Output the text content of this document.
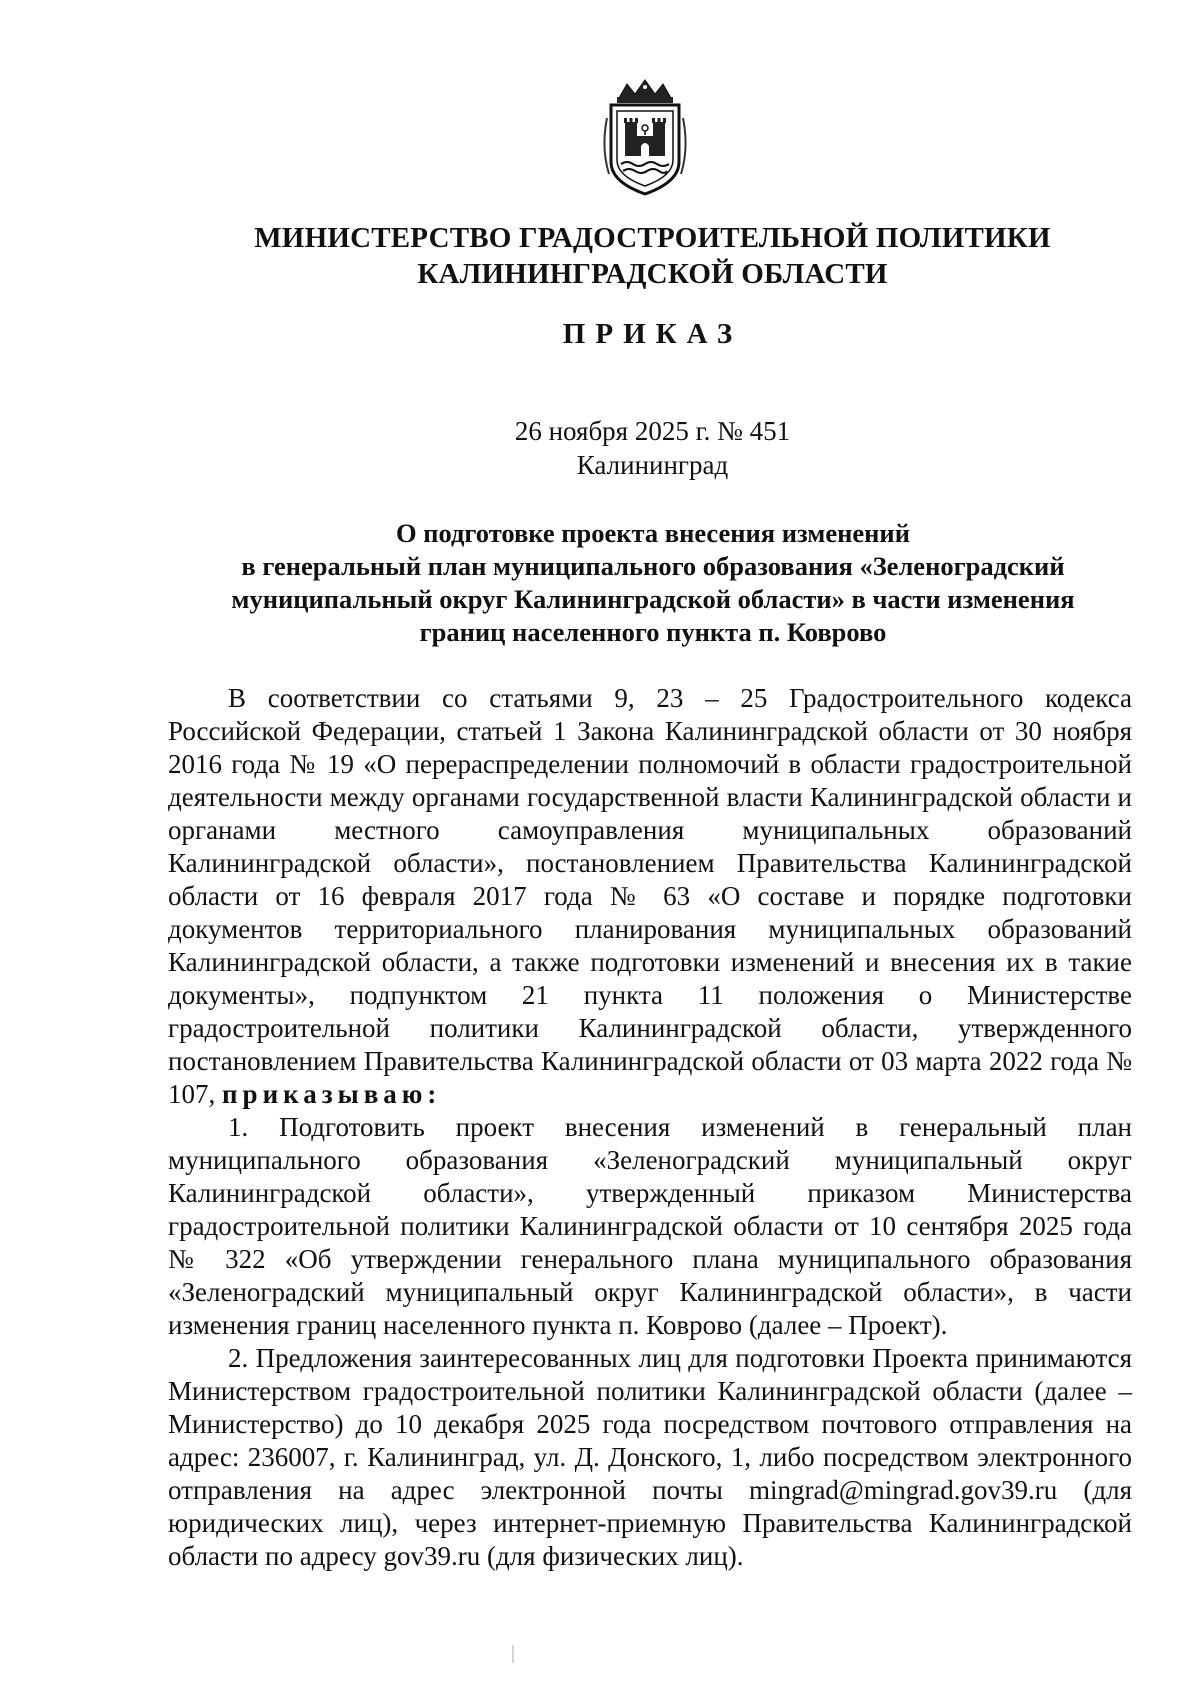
МИНИСТЕРСТВО ГРАДОСТРОИТЕЛЬНОЙ ПОЛИТИКИ
КАЛИНИНГРАДСКОЙ ОБЛАСТИ
ПРИКАЗ
26 ноября 2025 г. № 451
Калининград
О подготовке проекта внесения изменений
в генеральный план муниципального образования «Зеленоградский
муниципальный округ Калининградской области» в части изменения
границ населенного пункта п. Коврово

В соответствии со статьями 9, 23 – 25 Градостроительного кодекса Российской Федерации, статьей 1 Закона Калининградской области от 30 ноября 2016 года № 19 «О перераспределении полномочий в области градостроительной деятельности между органами государственной власти Калининградской области и органами местного самоуправления муниципальных образований Калининградской области», постановлением Правительства Калининградской области от 16 февраля 2017 года № 63 «О составе и порядке подготовки документов территориального планирования муниципальных образований Калининградской области, а также подготовки изменений и внесения их в такие документы», подпунктом 21 пункта 11 положения о Министерстве градостроительной политики Калининградской области, утвержденного постановлением Правительства Калининградской области от 03 марта 2022 года № 107, приказываю:

1. Подготовить проект внесения изменений в генеральный план муниципального образования «Зеленоградский муниципальный округ Калининградской области», утвержденный приказом Министерства градостроительной политики Калининградской области от 10 сентября 2025 года № 322 «Об утверждении генерального плана муниципального образования «Зеленоградский муниципальный округ Калининградской области», в части изменения границ населенного пункта п. Коврово (далее – Проект).

2. Предложения заинтересованных лиц для подготовки Проекта принимаются Министерством градостроительной политики Калининградской области (далее – Министерство) до 10 декабря 2025 года посредством почтового отправления на адрес: 236007, г. Калининград, ул. Д. Донского, 1, либо посредством электронного отправления на адрес электронной почты mingrad@mingrad.gov39.ru (для юридических лиц), через интернет-приемную Правительства Калининградской области по адресу gov39.ru (для физических лиц).
